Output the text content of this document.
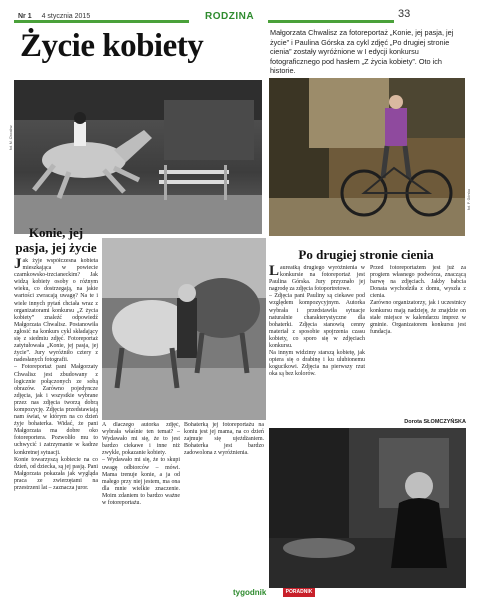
Nr 1 4 stycznia 2015	RODZINA	33
Życie kobiety	Małgorzata Chwalisz za fotoreportaż „Konie, jej pasja, jej życie” i Paulina Górska za cykl zdjęć „Po drugiej stronie cienia” zostały wyróżnione w I edycji konkursu fotograficznego pod hasłem „Z życia kobiety”. Oto ich historie.
fot. M. Chwalisz
Konie, jej pasja, jej życie
Jak żyje współczesna kobieta mieszkająca w powiecie czarnkowsko-trzcianeckim? Jak widzą kobiety osoby o różnym wieku, co dostrzegają, na jakie wartości zwracają uwagę? Na te i wiele innych pytań chciała wraz z organizatorami konkursu „Z życia kobiety” znaleźć odpowiedź Małgorzata Chwalisz. Postanowiła zgłosić na konkurs cykl składający się z siedmiu zdjęć. Fotoreportaż zatytułowała „Konie, jej pasja, jej życie”. Jury wyróżniło cztery z nadesłanych fotografii.
– Fotoreportaż pani Małgorzaty Chwalisz jest zbudowany z logicznie połączonych ze sobą obrazów. Zarówno pojedyncze zdjęcia, jak i wszystkie wybrane przez nas zdjęcia tworzą dobrą kompozycję. Zdjęcia przedstawiają nam świat, w którym na co dzień żyje bohaterka. Widać, że pani Małgorzata ma dobre oko fotoreportera. Pozwoliło mu to uchwycić i zatrzymanie w kadrze konkretnej sytuacji.
Konie towarzyszą kobiecie na co dzień, od dziecka, są jej pasją. Pani Małgorzata pokazała jak wygląda praca ze zwierzętami na przestrzeni lat – zaznacza juror.
A dlaczego autorka zdjęć, wybrała właśnie ten temat? – Wydawało mi się, że to jest bardzo ciekawe i inne niż zwykle, pokazanie kobiety.
– Wydawało mi się, że to skupi uwagę odbiorców – mówi. Mama trenuje konie, a ja od małego przy niej jestem, ma ona dla mnie wielkie znaczenie. Moim zdaniem to bardzo ważne w fotoreportażu.
Bohaterką jej fotoreportażu na koniu jest jej mama, na co dzień zajmuje się ujeżdżaniem. Bohaterka jest bardzo zadowolona z wyróżnienia.
Po drugiej stronie cienia
Laureatką drugiego wyróżnienia w konkursie na fotoreportaż jest Paulina Górska. Jury przyznało jej nagrodę za zdjęcia fotoportretowe.
– Zdjęcia pani Pauliny są ciekawe pod względem kompozycyjnym. Autorka wybrała i przedstawiła sytuacje naturalnie charakterystyczne dla bohaterki. Zdjęcia stanowią cenny materiał z sposobie spojrzenia czasu kobiety, co sporo się w zdjęciach konkursu.
Na innym widzimy starszą kobietę, jak opiera się o drabinę i ku ulubionemu kogucikowi. Zdjęcia na pierwszy rzut oka są bez kolorów.
Przed fotoreportażem jest już za progiem własnego podwórza, znaczącą barwę na zdjęciach. Jakby babcia Donata wychodziła z domu, wyszła z cienia.
Zarówno organizatorzy, jak i uczestnicy konkursu mają nadzieję, że znajdzie on stałe miejsce w kalendarzu imprez w gminie. Organizatorem konkursu jest fundacja.
Dorota SŁOMCZYŃSKA
fot. P. Górska
tygodnik	PORADNIK
